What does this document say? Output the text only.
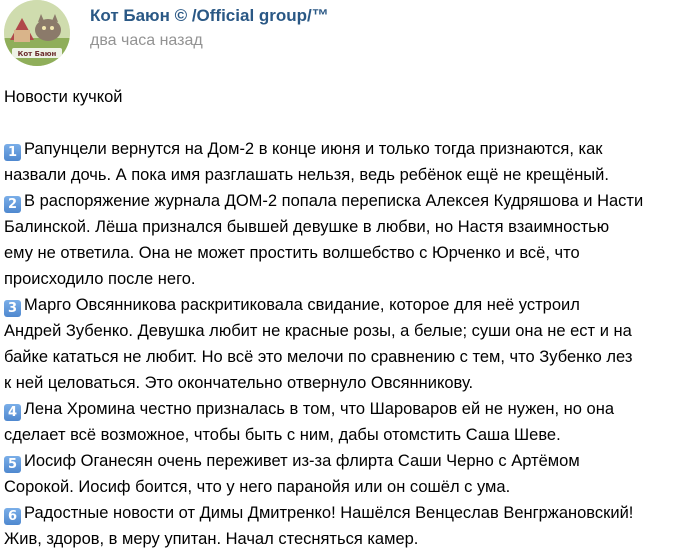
Кот Баюн
Кот Баюн © /Official group/™
два часа назад

Новости кучкой

1 Рапунцели вернутся на Дом-2 в конце июня и только тогда признаются, как
назвали дочь. А пока имя разглашать нельзя, ведь ребёнок ещё не крещёный.
2 В распоряжение журнала ДОМ-2 попала переписка Алексея Кудряшова и Насти
Балинской. Лёша признался бывшей девушке в любви, но Настя взаимностью
ему не ответила. Она не может простить волшебство с Юрченко и всё, что
происходило после него.
3 Марго Овсянникова раскритиковала свидание, которое для неё устроил
Андрей Зубенко. Девушка любит не красные розы, а белые; суши она не ест и на
байке кататься не любит. Но всё это мелочи по сравнению с тем, что Зубенко лез
к ней целоваться. Это окончательно отвернуло Овсянникову.
4 Лена Хромина честно призналась в том, что Шароваров ей не нужен, но она
сделает всё возможное, чтобы быть с ним, дабы отомстить Саша Шеве.
5 Иосиф Оганесян очень переживет из-за флирта Саши Черно с Артёмом
Сорокой. Иосиф боится, что у него паранойя или он сошёл с ума.
6 Радостные новости от Димы Дмитренко! Нашёлся Венцеслав Венгржановский!
Жив, здоров, в меру упитан. Начал стесняться камер.
